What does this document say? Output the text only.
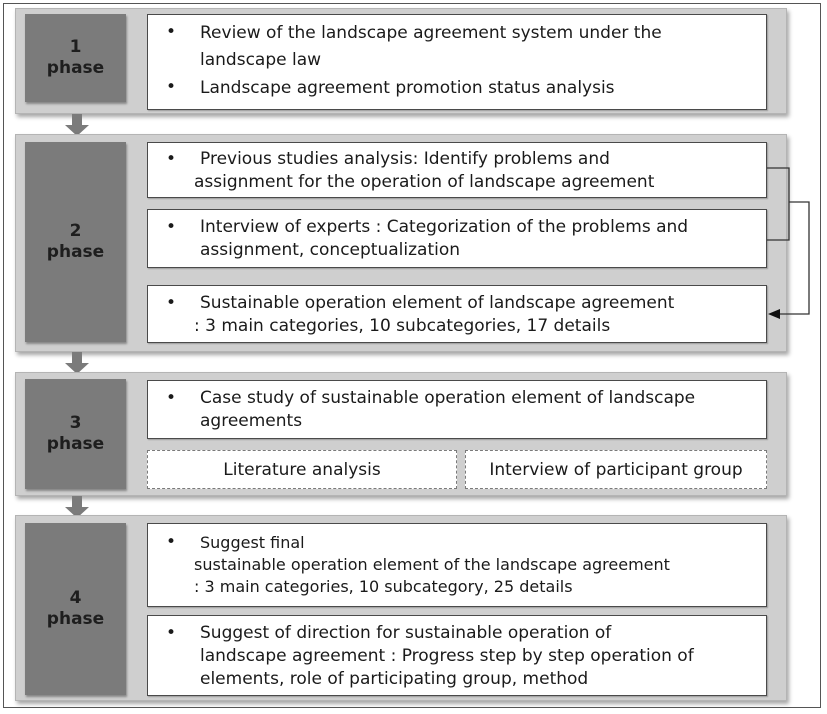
1
phase
• Review of the landscape agreement system under the
landscape law
• Landscape agreement promotion status analysis
2
phase
• Previous studies analysis: Identify problems and
assignment for the operation of landscape agreement
• Interview of experts : Categorization of the problems and
assignment, conceptualization
• Sustainable operation element of landscape agreement
: 3 main categories, 10 subcategories, 17 details
3
phase
• Case study of sustainable operation element of landscape
agreements
Literature analysis	Interview of participant group
4
phase
• Suggest final
sustainable operation element of the landscape agreement
: 3 main categories, 10 subcategory, 25 details
• Suggest of direction for sustainable operation of
landscape agreement : Progress step by step operation of
elements, role of participating group, method
